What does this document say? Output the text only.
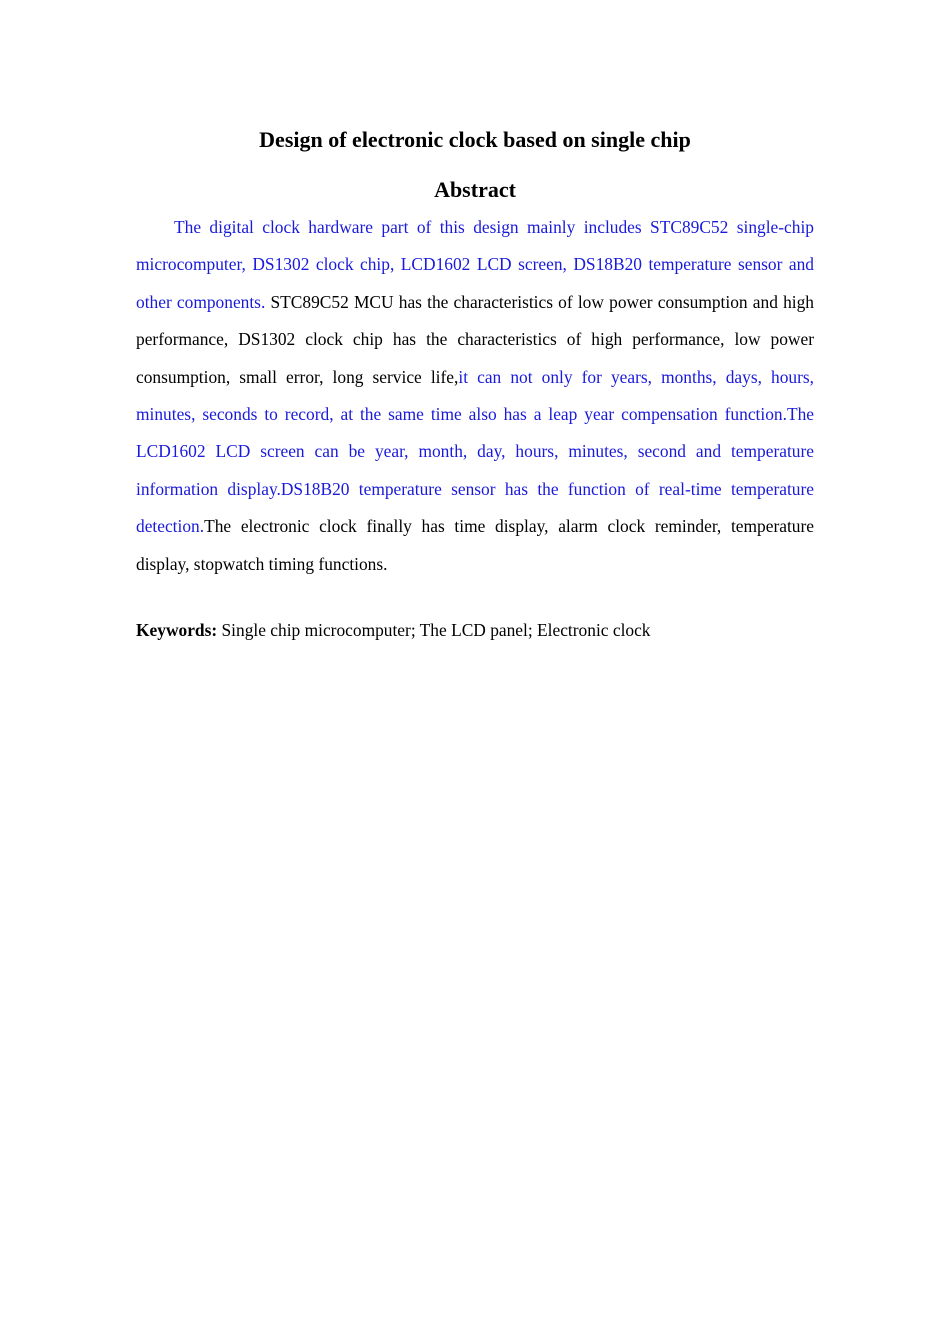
Design of electronic clock based on single chip
Abstract

The digital clock hardware part of this design mainly includes STC89C52 single-chip microcomputer, DS1302 clock chip, LCD1602 LCD screen, DS18B20 temperature sensor and other components. STC89C52 MCU has the characteristics of low power consumption and high performance, DS1302 clock chip has the characteristics of high performance, low power consumption, small error, long service life,it can not only for years, months, days, hours, minutes, seconds to record, at the same time also has a leap year compensation function.The LCD1602 LCD screen can be year, month, day, hours, minutes, second and temperature information display.DS18B20 temperature sensor has the function of real-time temperature detection.The electronic clock finally has time display, alarm clock reminder, temperature display, stopwatch timing functions.

Keywords: Single chip microcomputer; The LCD panel; Electronic clock
